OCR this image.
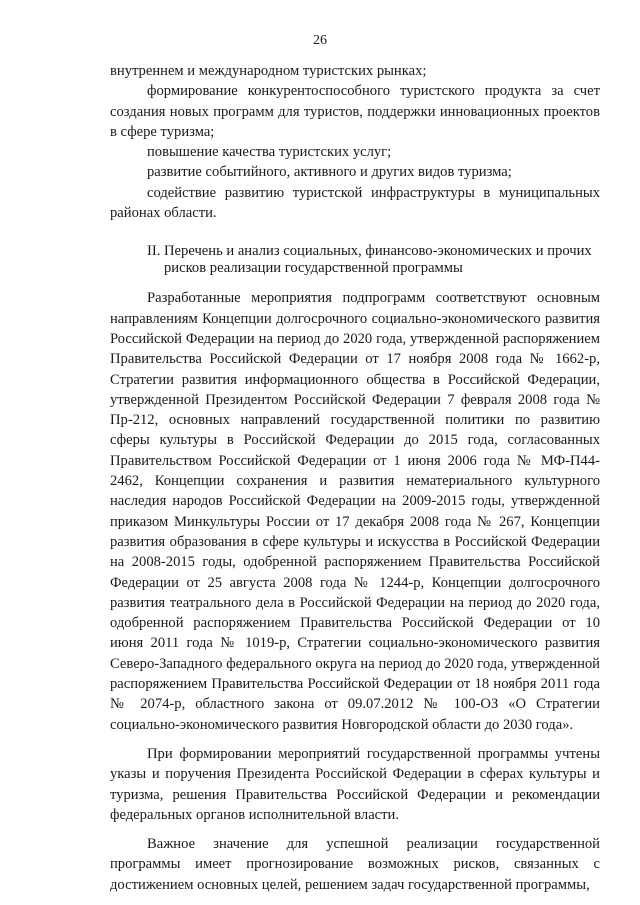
26

внутреннем и международном туристских рынках;

формирование конкурентоспособного туристского продукта за счет создания новых программ для туристов, поддержки инновационных проектов в сфере туризма;

повышение качества туристских услуг;

развитие событийного, активного и других видов туризма;

содействие развитию туристской инфраструктуры в муниципальных районах области.

II. Перечень и анализ социальных, финансово-экономических и прочих
рисков реализации государственной программы

Разработанные мероприятия подпрограмм соответствуют основным направлениям Концепции долгосрочного социально-экономического развития Российской Федерации на период до 2020 года, утвержденной распоряжением Правительства Российской Федерации от 17 ноября 2008 года № 1662-р, Стратегии развития информационного общества в Российской Федерации, утвержденной Президентом Российской Федерации 7 февраля 2008 года № Пр-212, основных направлений государственной политики по развитию сферы культуры в Российской Федерации до 2015 года, согласованных Правительством Российской Федерации от 1 июня 2006 года № МФ-П44-2462, Концепции сохранения и развития нематериального культурного наследия народов Российской Федерации на 2009-2015 годы, утвержденной приказом Минкультуры России от 17 декабря 2008 года № 267, Концепции развития образования в сфере культуры и искусства в Российской Федерации на 2008-2015 годы, одобренной распоряжением Правительства Российской Федерации от 25 августа 2008 года № 1244-р, Концепции долгосрочного развития театрального дела в Российской Федерации на период до 2020 года, одобренной распоряжением Правительства Российской Федерации от 10 июня 2011 года № 1019-р, Стратегии социально-экономического развития Северо-Западного федерального округа на период до 2020 года, утвержденной распоряжением Правительства Российской Федерации от 18 ноября 2011 года № 2074-р, областного закона от 09.07.2012 № 100-ОЗ «О Стратегии социально-экономического развития Новгородской области до 2030 года».

При формировании мероприятий государственной программы учтены указы и поручения Президента Российской Федерации в сферах культуры и туризма, решения Правительства Российской Федерации и рекомендации федеральных органов исполнительной власти.

Важное значение для успешной реализации государственной программы имеет прогнозирование возможных рисков, связанных с достижением основных целей, решением задач государственной программы,
